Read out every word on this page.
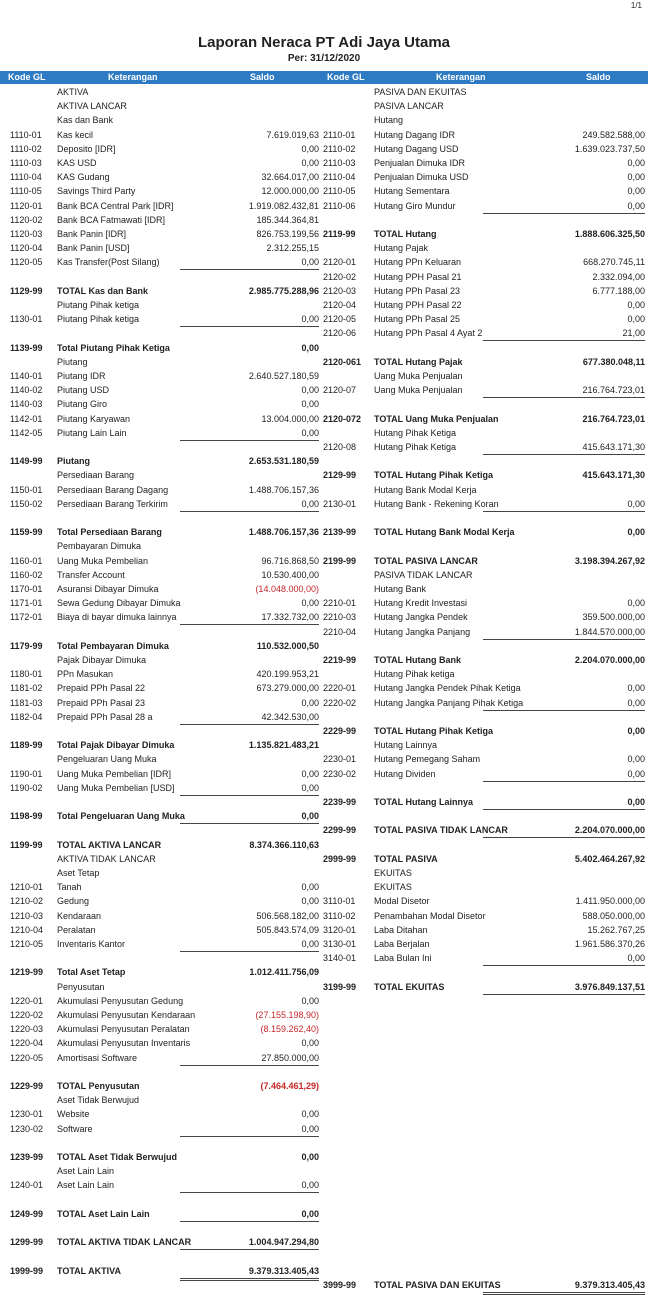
1/1
Laporan Neraca PT Adi Jaya Utama
Per: 31/12/2020
Kode GL	Keterangan	Saldo	Kode GL	Keterangan	Saldo
AKTIVA
AKTIVA LANCAR
Kas dan Bank
1110-01 Kas kecil	7.619.019,63
1110-02 Deposito [IDR]	0,00
1110-03 KAS USD	0,00
1110-04 KAS Gudang	32.664.017,00
1110-05 Savings Third Party	12.000.000,00
1120-01 Bank BCA Central Park [IDR]	1.919.082.432,81
1120-02 Bank BCA Fatmawati [IDR]	185.344.364,81
1120-03 Bank Panin [IDR]	826.753.199,56
1120-04 Bank Panin [USD]	2.312.255,15
1120-05 Kas Transfer(Post Silang)	0,00
1129-99 TOTAL Kas dan Bank	2.985.775.288,96
Piutang Pihak ketiga
1130-01 Piutang Pihak ketiga	0,00
1139-99 Total Piutang Pihak Ketiga	0,00
Piutang
1140-01 Piutang IDR	2.640.527.180,59
1140-02 Piutang USD	0,00
1140-03 Piutang Giro	0,00
1142-01 Piutang Karyawan	13.004.000,00
1142-05 Piutang Lain Lain	0,00
1149-99 Piutang	2.653.531.180,59
Persediaan Barang
1150-01 Persediaan Barang Dagang	1.488.706.157,36
1150-02 Persediaan Barang Terkirim	0,00
1159-99 Total Persediaan Barang	1.488.706.157,36
Pembayaran Dimuka
1160-01 Uang Muka Pembelian	96.716.868,50
1160-02 Transfer Account	10.530.400,00
1170-01 Asuransi Dibayar Dimuka	(14.048.000,00)
1171-01 Sewa Gedung Dibayar Dimuka	0,00
1172-01 Biaya di bayar dimuka lainnya	17.332.732,00
1179-99 Total Pembayaran Dimuka	110.532.000,50
Pajak Dibayar Dimuka
1180-01 PPn Masukan	420.199.953,21
1181-02 Prepaid PPh Pasal 22	673.279.000,00
1181-03 Prepaid PPh Pasal 23	0,00
1182-04 Prepaid PPh Pasal 28 a	42.342.530,00
1189-99 Total Pajak Dibayar Dimuka	1.135.821.483,21
Pengeluaran Uang Muka
1190-01 Uang Muka Pembelian [IDR]	0,00
1190-02 Uang Muka Pembelian [USD]	0,00
1198-99 Total Pengeluaran Uang Muka	0,00
1199-99 TOTAL AKTIVA LANCAR	8.374.366.110,63
AKTIVA TIDAK LANCAR
Aset Tetap
1210-01 Tanah	0,00
1210-02 Gedung	0,00
1210-03 Kendaraan	506.568.182,00
1210-04 Peralatan	505.843.574,09
1210-05 Inventaris Kantor	0,00
1219-99 Total Aset Tetap	1.012.411.756,09
Penyusutan
1220-01 Akumulasi Penyusutan Gedung	0,00
1220-02 Akumulasi Penyusutan Kendaraan	(27.155.198,90)
1220-03 Akumulasi Penyusutan Peralatan	(8.159.262,40)
1220-04 Akumulasi Penyusutan Inventaris	0,00
1220-05 Amortisasi Software	27.850.000,00
1229-99 TOTAL Penyusutan	(7.464.461,29)
Aset Tidak Berwujud
1230-01 Website	0,00
1230-02 Software	0,00
1239-99 TOTAL Aset Tidak Berwujud	0,00
Aset Lain Lain
1240-01 Aset Lain Lain	0,00
1249-99 TOTAL Aset Lain Lain	0,00
1299-99 TOTAL AKTIVA TIDAK LANCAR	1.004.947.294,80
1999-99 TOTAL AKTIVA	9.379.313.405,43
PASIVA DAN EKUITAS
PASIVA LANCAR
Hutang
2110-01 Hutang Dagang IDR	249.582.588,00
2110-02 Hutang Dagang USD	1.639.023.737,50
2110-03 Penjualan Dimuka IDR	0,00
2110-04 Penjualan Dimuka USD	0,00
2110-05 Hutang Sementara	0,00
2110-06 Hutang Giro Mundur	0,00
2119-99 TOTAL Hutang	1.888.606.325,50
Hutang Pajak
2120-01 Hutang PPn Keluaran	668.270.745,11
2120-02 Hutang PPH Pasal 21	2.332.094,00
2120-03 Hutang PPh Pasal 23	6.777.188,00
2120-04 Hutang PPH Pasal 22	0,00
2120-05 Hutang PPh Pasal 25	0,00
2120-06 Hutang PPh Pasal 4 Ayat 2	21,00
2120-061 TOTAL Hutang Pajak	677.380.048,11
Uang Muka Penjualan
2120-07 Uang Muka Penjualan	216.764.723,01
2120-072 TOTAL Uang Muka Penjualan	216.764.723,01
Hutang Pihak Ketiga
2120-08 Hutang Pihak Ketiga	415.643.171,30
2129-99 TOTAL Hutang Pihak Ketiga	415.643.171,30
Hutang Bank Modal Kerja
2130-01 Hutang Bank - Rekening Koran	0,00
2139-99 TOTAL Hutang Bank Modal Kerja	0,00
2199-99 TOTAL PASIVA LANCAR	3.198.394.267,92
PASIVA TIDAK LANCAR
Hutang Bank
2210-01 Hutang Kredit Investasi	0,00
2210-03 Hutang Jangka Pendek	359.500.000,00
2210-04 Hutang Jangka Panjang	1.844.570.000,00
2219-99 TOTAL Hutang Bank	2.204.070.000,00
Hutang Pihak ketiga
2220-01 Hutang Jangka Pendek Pihak Ketiga	0,00
2220-02 Hutang Jangka Panjang Pihak Ketiga	0,00
2229-99 TOTAL Hutang Pihak Ketiga	0,00
Hutang Lainnya
2230-01 Hutang Pemegang Saham	0,00
2230-02 Hutang Dividen	0,00
2239-99 TOTAL Hutang Lainnya	0,00
2299-99 TOTAL PASIVA TIDAK LANCAR	2.204.070.000,00
2999-99 TOTAL PASIVA	5.402.464.267,92
EKUITAS
EKUITAS
3110-01 Modal Disetor	1.411.950.000,00
3110-02 Penambahan Modal Disetor	588.050.000,00
3120-01 Laba Ditahan	15.262.767,25
3130-01 Laba Berjalan	1.961.586.370,26
3140-01 Laba Bulan Ini	0,00
3199-99 TOTAL EKUITAS	3.976.849.137,51
3999-99 TOTAL PASIVA DAN EKUITAS	9.379.313.405,43
